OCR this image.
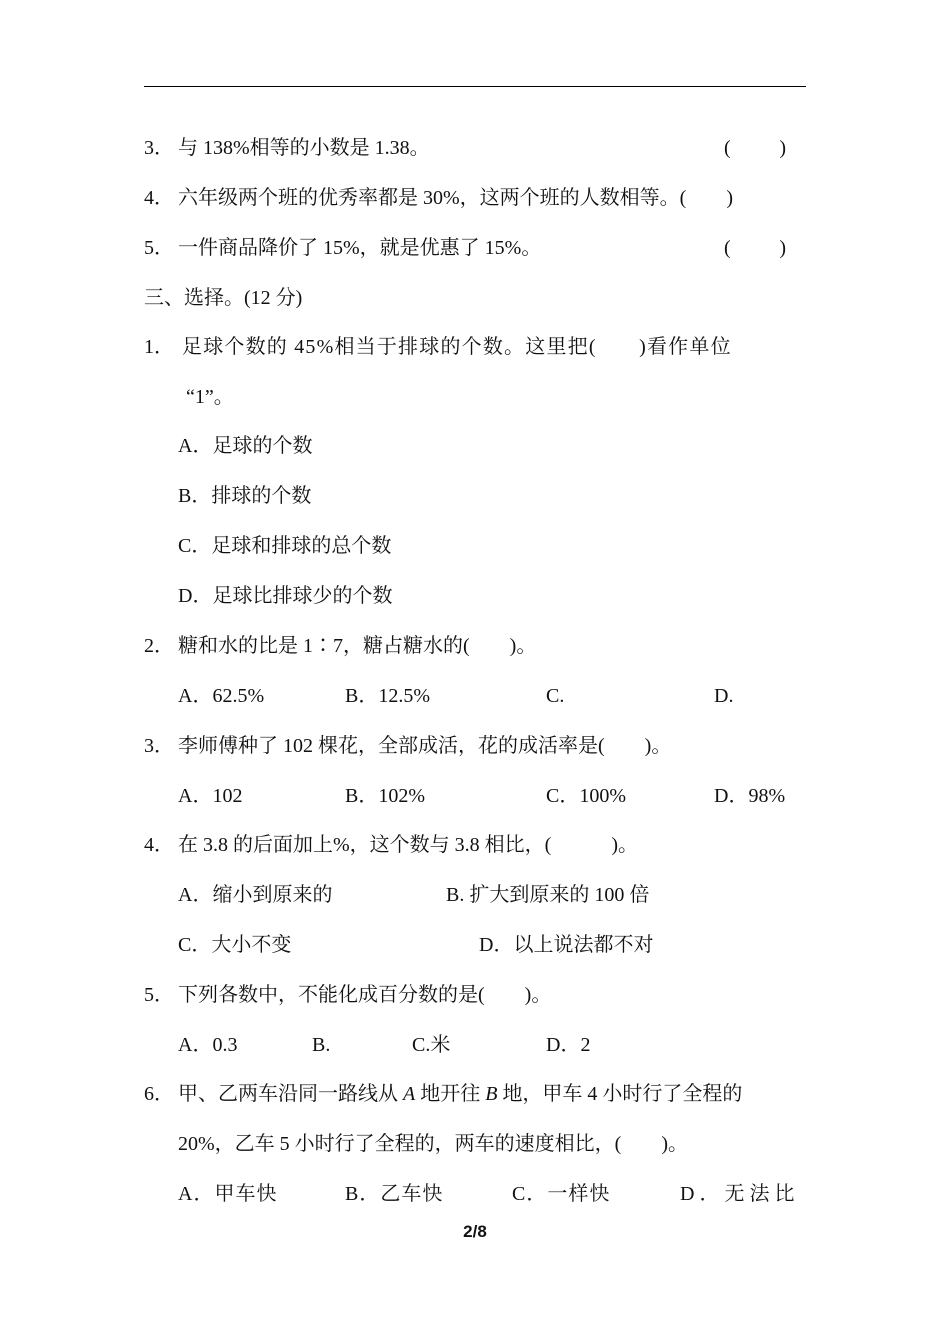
3． 与 138%相等的小数是 1.38。	( )
4． 六年级两个班的优秀率都是 30%，这两个班的人数相等。(　　)
5． 一件商品降价了 15%，就是优惠了 15%。	( )
三、选择。(12 分)
1． 足球个数的 45%相当于排球的个数。这里把(　　)看作单位
“1”。
A．足球的个数
B．排球的个数
C．足球和排球的总个数
D．足球比排球少的个数
2． 糖和水的比是 1∶7，糖占糖水的(　　)。
A．62.5%	B．12.5%	C.	D.
3． 李师傅种了 102 棵花，全部成活，花的成活率是(　　)。
A．102	B．102%	C．100%	D．98%
4． 在 3.8 的后面加上%，这个数与 3.8 相比，(　　　)。
A．缩小到原来的	B. 扩大到原来的 100 倍
C．大小不变	D．以上说法都不对
5． 下列各数中，不能化成百分数的是(　　)。
A．0.3	B.	C.米	D．2
6． 甲、乙两车沿同一路线从 A 地开往 B 地，甲车 4 小时行了全程的
20%，乙车 5 小时行了全程的，两车的速度相比，(　　)。
A．甲车快	B．乙车快	C．一样快	D．无法比
2/8
